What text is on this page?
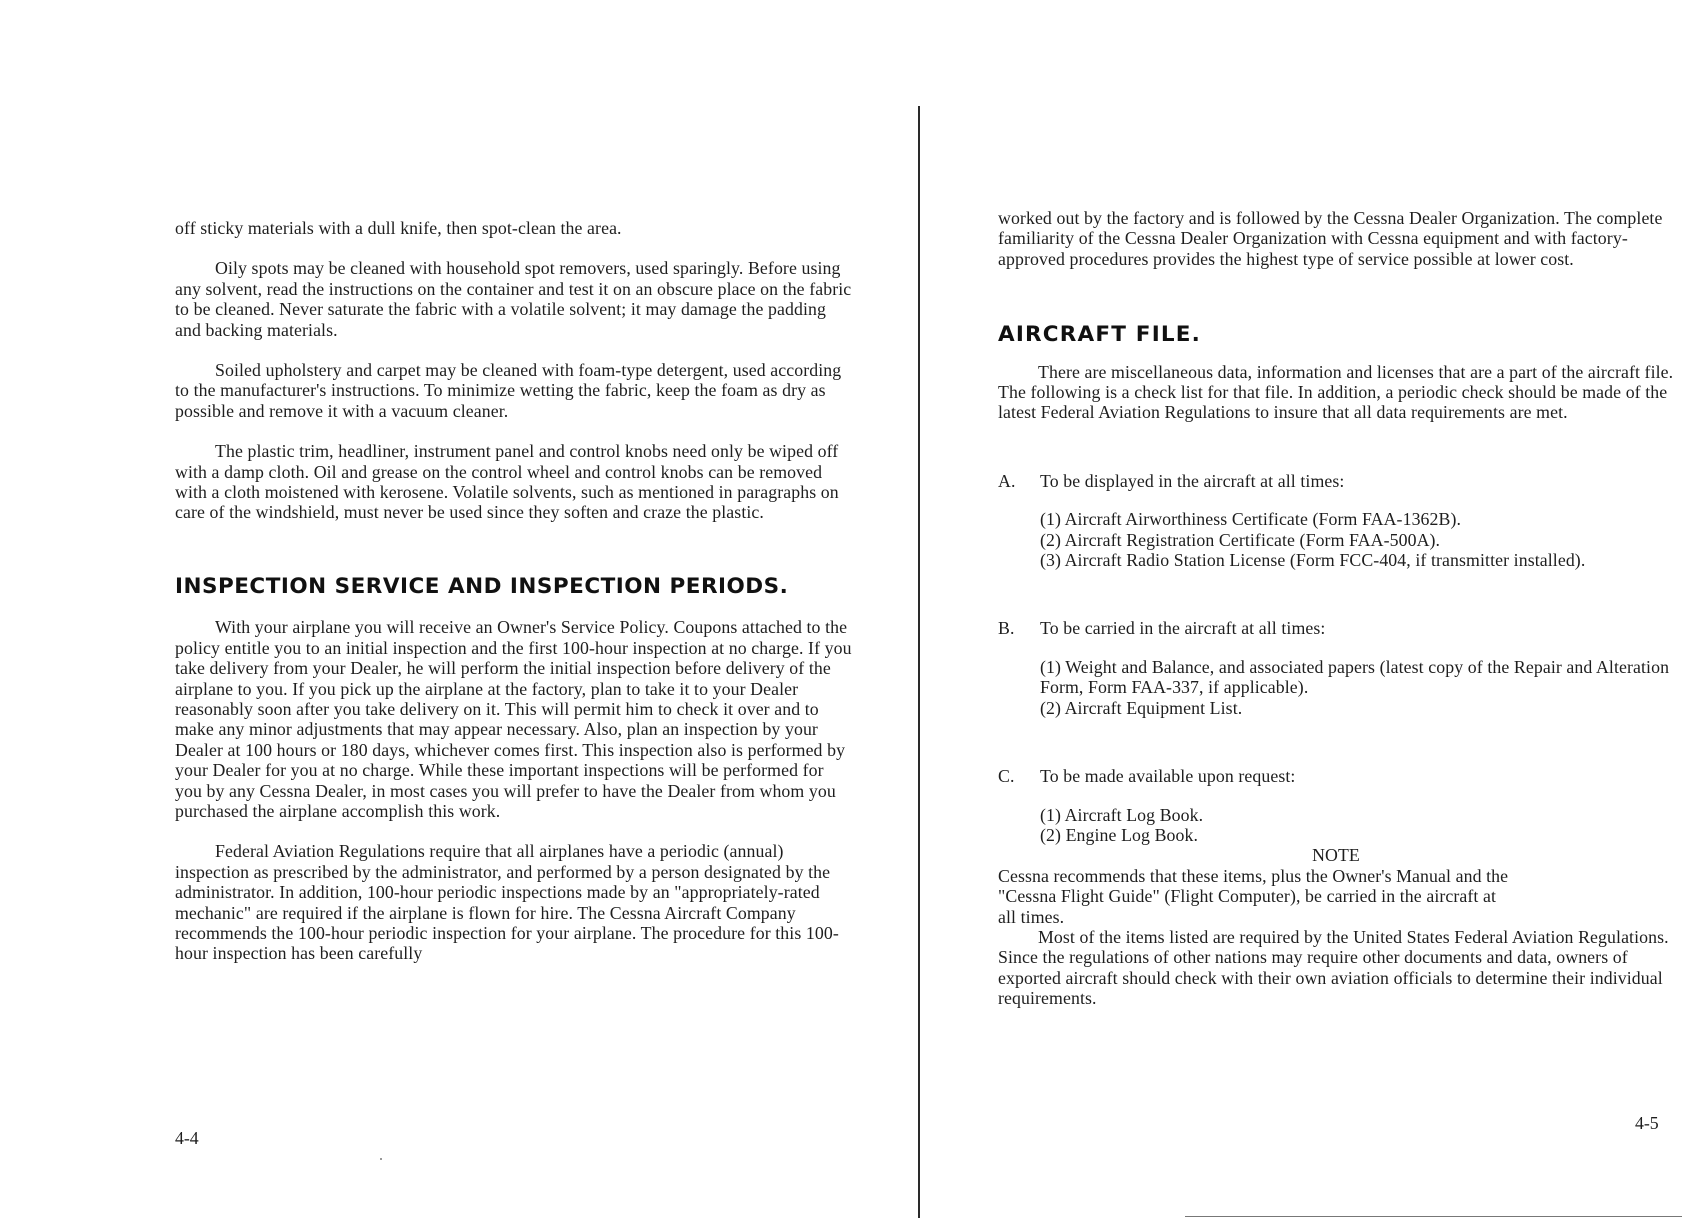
off sticky materials with a dull knife, then spot-clean the area.

Oily spots may be cleaned with household spot removers, used sparingly. Before using any solvent, read the instructions on the container and test it on an obscure place on the fabric to be cleaned. Never saturate the fabric with a volatile solvent; it may damage the padding and backing materials.

Soiled upholstery and carpet may be cleaned with foam-type detergent, used according to the manufacturer's instructions. To minimize wetting the fabric, keep the foam as dry as possible and remove it with a vacuum cleaner.

The plastic trim, headliner, instrument panel and control knobs need only be wiped off with a damp cloth. Oil and grease on the control wheel and control knobs can be removed with a cloth moistened with kerosene. Volatile solvents, such as mentioned in paragraphs on care of the windshield, must never be used since they soften and craze the plastic.

INSPECTION SERVICE AND INSPECTION PERIODS.

With your airplane you will receive an Owner's Service Policy. Coupons attached to the policy entitle you to an initial inspection and the first 100-hour inspection at no charge. If you take delivery from your Dealer, he will perform the initial inspection before delivery of the airplane to you. If you pick up the airplane at the factory, plan to take it to your Dealer reasonably soon after you take delivery on it. This will permit him to check it over and to make any minor adjustments that may appear necessary. Also, plan an inspection by your Dealer at 100 hours or 180 days, whichever comes first. This inspection also is performed by your Dealer for you at no charge. While these important inspections will be performed for you by any Cessna Dealer, in most cases you will prefer to have the Dealer from whom you purchased the airplane accomplish this work.

Federal Aviation Regulations require that all airplanes have a periodic (annual) inspection as prescribed by the administrator, and performed by a person designated by the administrator. In addition, 100-hour periodic inspections made by an "appropriately-rated mechanic" are required if the airplane is flown for hire. The Cessna Aircraft Company recommends the 100-hour periodic inspection for your airplane. The procedure for this 100-hour inspection has been carefully

4-4

worked out by the factory and is followed by the Cessna Dealer Organization. The complete familiarity of the Cessna Dealer Organization with Cessna equipment and with factory-approved procedures provides the highest type of service possible at lower cost.

AIRCRAFT FILE.

There are miscellaneous data, information and licenses that are a part of the aircraft file. The following is a check list for that file. In addition, a periodic check should be made of the latest Federal Aviation Regulations to insure that all data requirements are met.

A.	To be displayed in the aircraft at all times:

(1) Aircraft Airworthiness Certificate (Form FAA-1362B).

(2) Aircraft Registration Certificate (Form FAA-500A).

(3) Aircraft Radio Station License (Form FCC-404, if transmitter installed).

B.	To be carried in the aircraft at all times:

(1) Weight and Balance, and associated papers (latest copy of the Repair and Alteration Form, Form FAA-337, if applicable).

(2) Aircraft Equipment List.

C.	To be made available upon request:

(1) Aircraft Log Book.

(2) Engine Log Book.

NOTE

Cessna recommends that these items, plus the Owner's Manual and the "Cessna Flight Guide" (Flight Computer), be carried in the aircraft at all times.

Most of the items listed are required by the United States Federal Aviation Regulations. Since the regulations of other nations may require other documents and data, owners of exported aircraft should check with their own aviation officials to determine their individual requirements.

4-5
